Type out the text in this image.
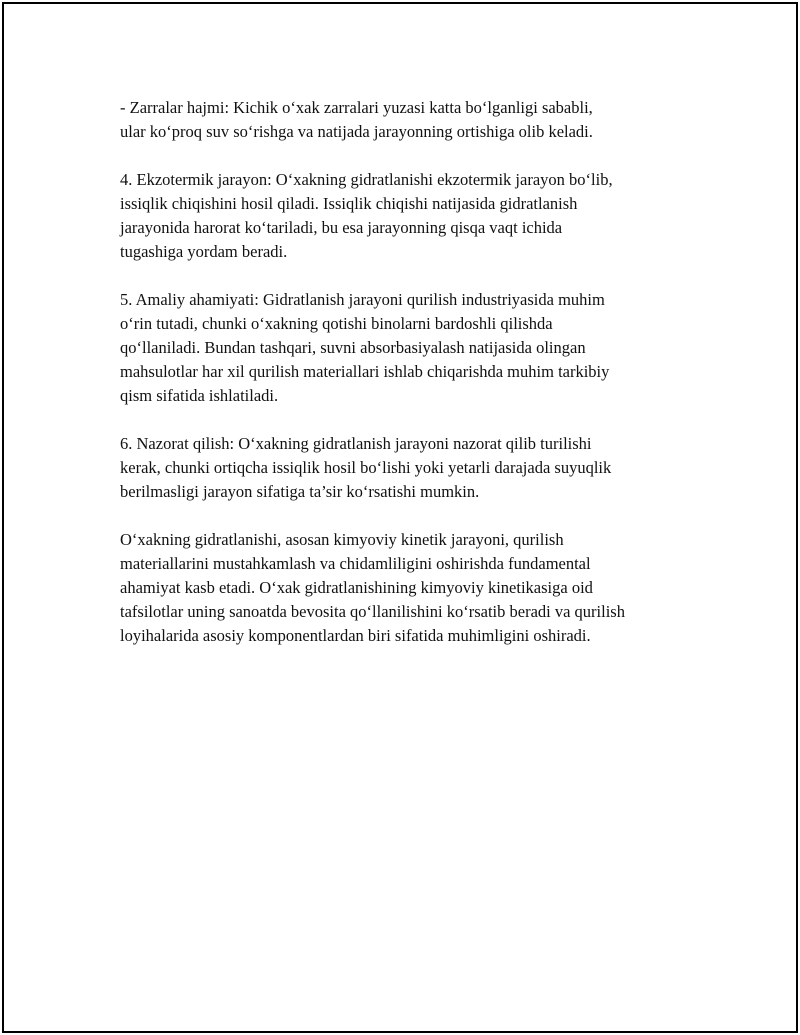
- Zarralar hajmi: Kichik o‘xak zarralari yuzasi katta bo‘lganligi sababli,
ular ko‘proq suv so‘rishga va natijada jarayonning ortishiga olib keladi.

4. Ekzotermik jarayon: O‘xakning gidratlanishi ekzotermik jarayon bo‘lib,
issiqlik chiqishini hosil qiladi. Issiqlik chiqishi natijasida gidratlanish
jarayonida harorat ko‘tariladi, bu esa jarayonning qisqa vaqt ichida
tugashiga yordam beradi.

5. Amaliy ahamiyati: Gidratlanish jarayoni qurilish industriyasida muhim
o‘rin tutadi, chunki o‘xakning qotishi binolarni bardoshli qilishda
qo‘llaniladi. Bundan tashqari, suvni absorbasiyalash natijasida olingan
mahsulotlar har xil qurilish materiallari ishlab chiqarishda muhim tarkibiy
qism sifatida ishlatiladi.

6. Nazorat qilish: O‘xakning gidratlanish jarayoni nazorat qilib turilishi
kerak, chunki ortiqcha issiqlik hosil bo‘lishi yoki yetarli darajada suyuqlik
berilmasligi jarayon sifatiga ta’sir ko‘rsatishi mumkin.

O‘xakning gidratlanishi, asosan kimyoviy kinetik jarayoni, qurilish
materiallarini mustahkamlash va chidamliligini oshirishda fundamental
ahamiyat kasb etadi. O‘xak gidratlanishining kimyoviy kinetikasiga oid
tafsilotlar uning sanoatda bevosita qo‘llanilishini ko‘rsatib beradi va qurilish
loyihalarida asosiy komponentlardan biri sifatida muhimligini oshiradi.
